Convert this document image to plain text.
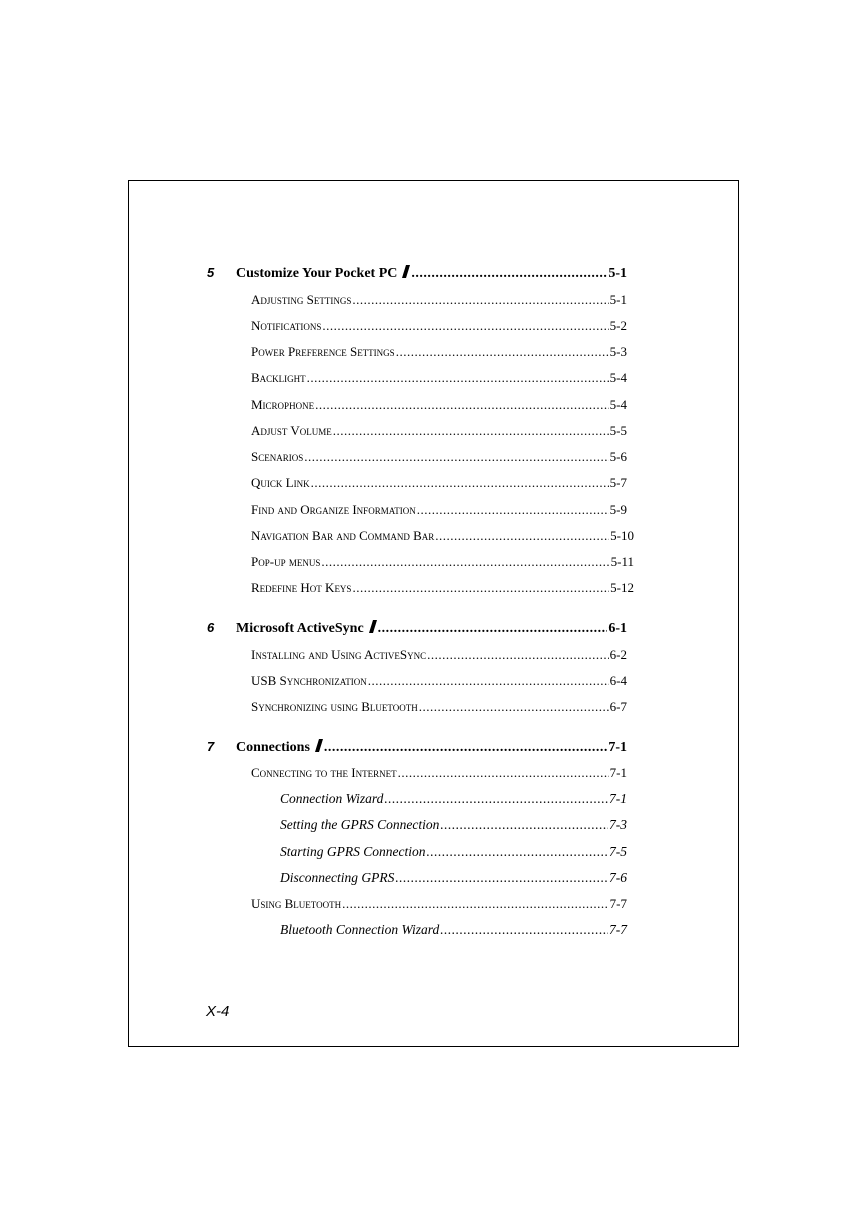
5 Customize Your Pocket PC .....	5-1
Adjusting Settings .....	5-1
Notifications .....	5-2
Power Preference Settings .....	5-3
Backlight .....	5-4
Microphone .....	5-4
Adjust Volume .....	5-5
Scenarios .....	5-6
Quick Link .....	5-7
Find and Organize Information .....	5-9
Navigation Bar and Command Bar .....	5-10
Pop-up menus .....	5-11
Redefine Hot Keys .....	5-12
6 Microsoft ActiveSync .....	6-1
Installing and Using ActiveSync .....	6-2
USB Synchronization .....	6-4
Synchronizing using Bluetooth .....	6-7
7 Connections .....	7-1
Connecting to the Internet .....	7-1
Connection Wizard .....	7-1
Setting the GPRS Connection .....	7-3
Starting GPRS Connection .....	7-5
Disconnecting GPRS .....	7-6
Using Bluetooth .....	7-7
Bluetooth Connection Wizard .....	7-7
X-4
